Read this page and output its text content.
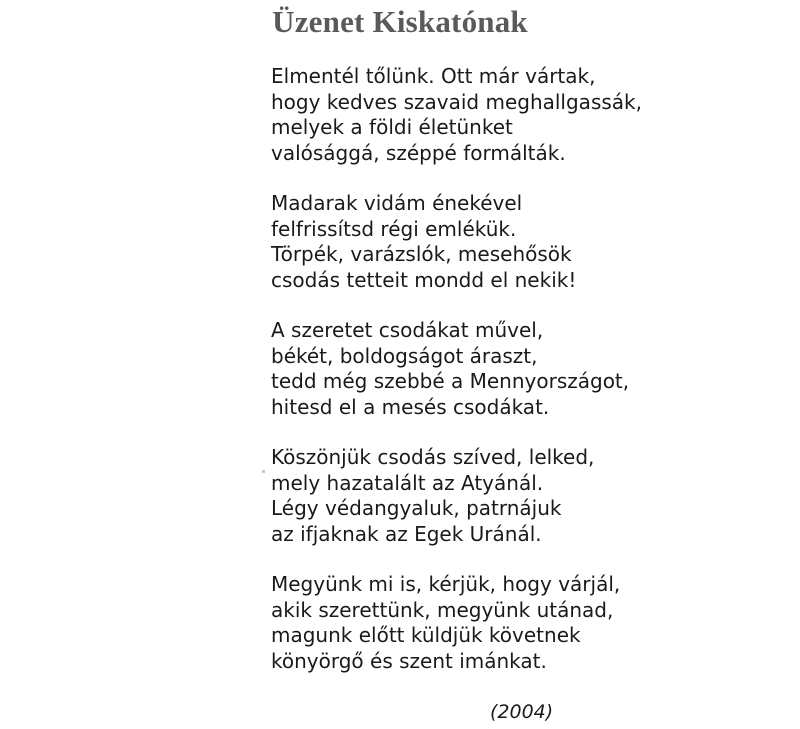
Üzenet Kiskatónak
Elmentél tőlünk. Ott már vártak,
hogy kedves szavaid meghallgassák,
melyek a földi életünket
valósággá, széppé formálták.
Madarak vidám énekével
felfrissítsd régi emlékük.
Törpék, varázslók, mesehősök
csodás tetteit mondd el nekik!
A szeretet csodákat művel,
békét, boldogságot áraszt,
tedd még szebbé a Mennyországot,
hitesd el a mesés csodákat.
Köszönjük csodás szíved, lelked,
mely hazatalált az Atyánál.
Légy védangyaluk, patrnájuk
az ifjaknak az Egek Uránál.
Megyünk mi is, kérjük, hogy várjál,
akik szerettünk, megyünk utánad,
magunk előtt küldjük követnek
könyörgő és szent imánkat.
(2004)
